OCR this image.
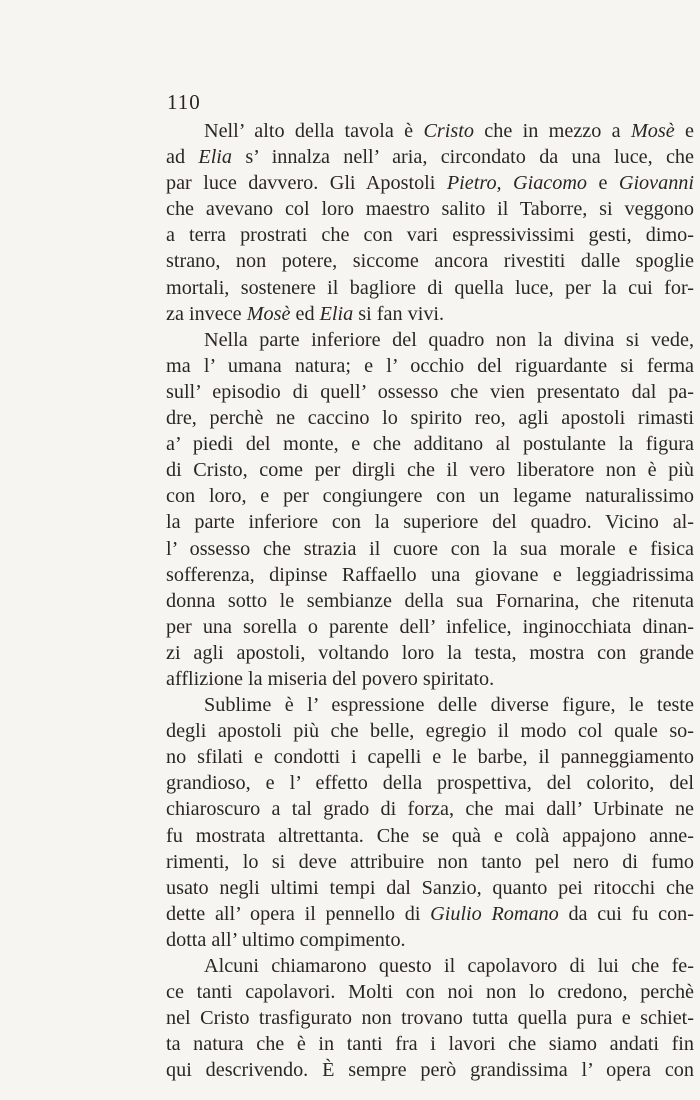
110
Nell’ alto della tavola è Cristo che in mezzo a Mosè e
ad Elia s’ innalza nell’ aria, circondato da una luce, che
par luce davvero. Gli Apostoli Pietro, Giacomo e Giovanni
che avevano col loro maestro salito il Taborre, si veggono
a terra prostrati che con vari espressivissimi gesti, dimo-
strano, non potere, siccome ancora rivestiti dalle spoglie
mortali, sostenere il bagliore di quella luce, per la cui for-
za invece Mosè ed Elia si fan vivi.
Nella parte inferiore del quadro non la divina si vede,
ma l’ umana natura; e l’ occhio del riguardante si ferma
sull’ episodio di quell’ ossesso che vien presentato dal pa-
dre, perchè ne caccino lo spirito reo, agli apostoli rimasti
a’ piedi del monte, e che additano al postulante la figura
di Cristo, come per dirgli che il vero liberatore non è più
con loro, e per congiungere con un legame naturalissimo
la parte inferiore con la superiore del quadro. Vicino al-
l’ ossesso che strazia il cuore con la sua morale e fisica
sofferenza, dipinse Raffaello una giovane e leggiadrissima
donna sotto le sembianze della sua Fornarina, che ritenuta
per una sorella o parente dell’ infelice, inginocchiata dinan-
zi agli apostoli, voltando loro la testa, mostra con grande
afflizione la miseria del povero spiritato.
Sublime è l’ espressione delle diverse figure, le teste
degli apostoli più che belle, egregio il modo col quale so-
no sfilati e condotti i capelli e le barbe, il panneggiamento
grandioso, e l’ effetto della prospettiva, del colorito, del
chiaroscuro a tal grado di forza, che mai dall’ Urbinate ne
fu mostrata altrettanta. Che se quà e colà appajono anne-
rimenti, lo si deve attribuire non tanto pel nero di fumo
usato negli ultimi tempi dal Sanzio, quanto pei ritocchi che
dette all’ opera il pennello di Giulio Romano da cui fu con-
dotta all’ ultimo compimento.
Alcuni chiamarono questo il capolavoro di lui che fe-
ce tanti capolavori. Molti con noi non lo credono, perchè
nel Cristo trasfigurato non trovano tutta quella pura e schiet-
ta natura che è in tanti fra i lavori che siamo andati fin
qui descrivendo. È sempre però grandissima l’ opera con
